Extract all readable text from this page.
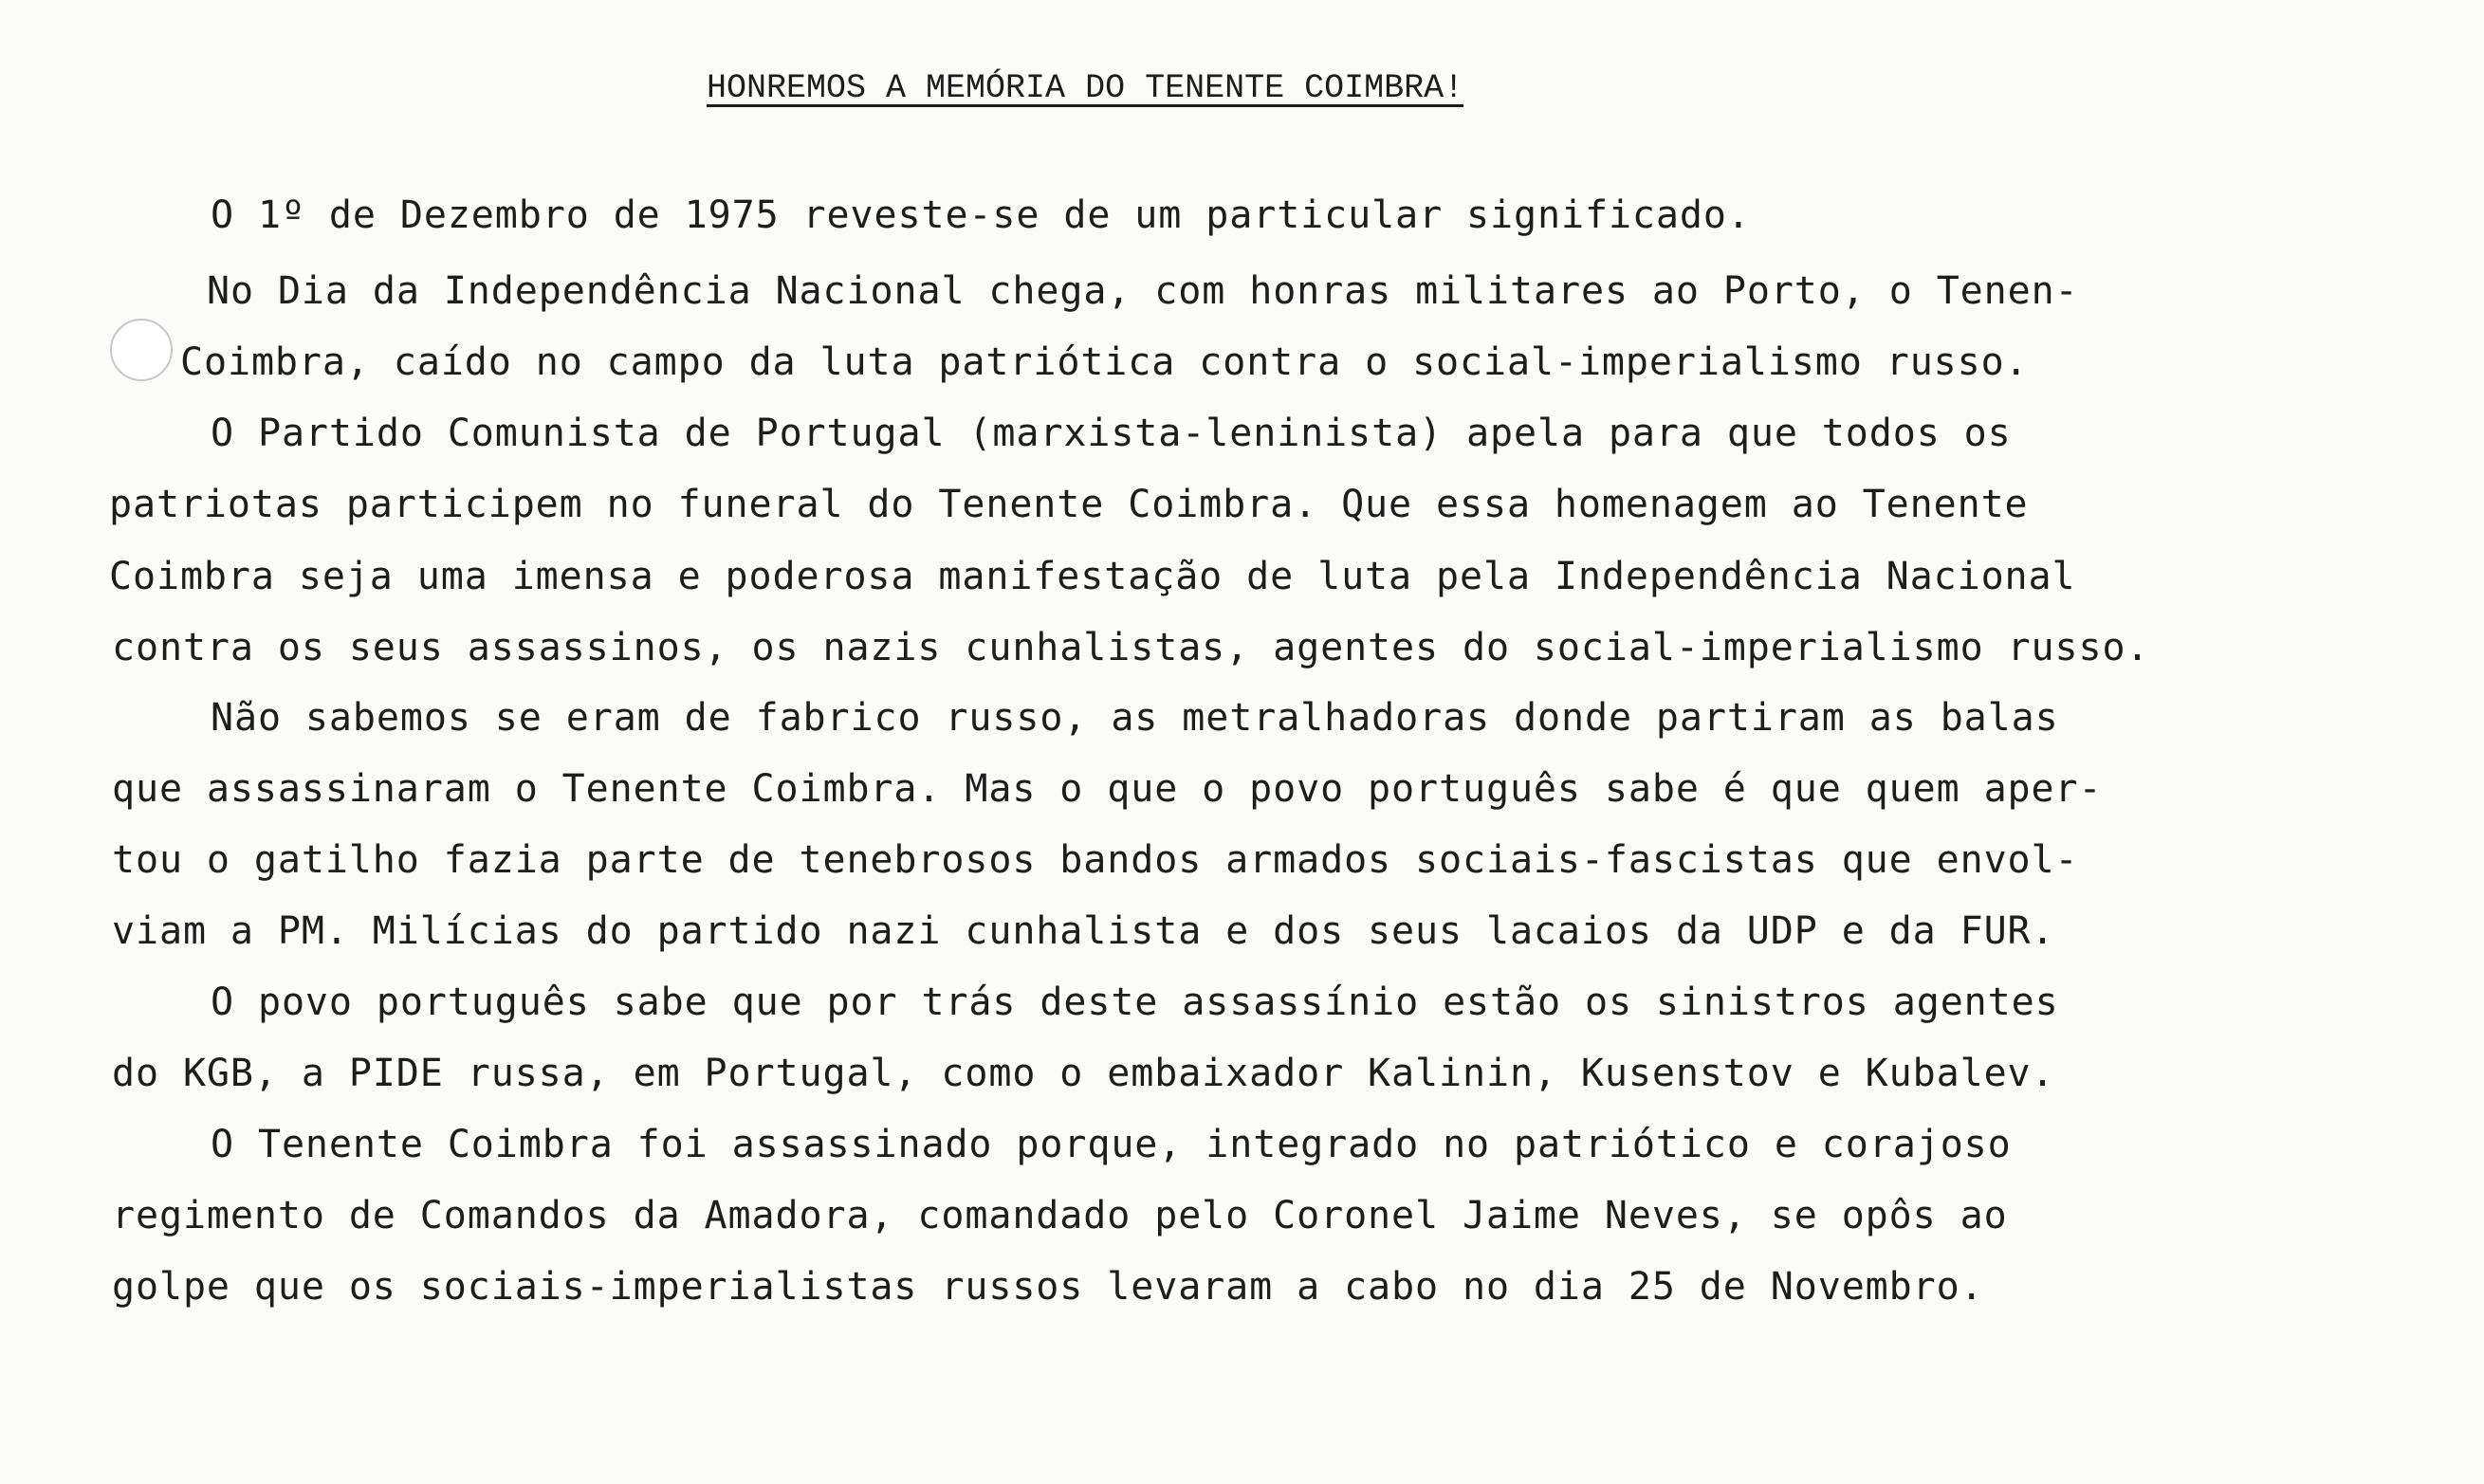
HONREMOS A MEMÓRIA DO TENENTE COIMBRA!
O 1º de Dezembro de 1975 reveste-se de um particular significado.
No Dia da Independência Nacional chega, com honras militares ao Porto, o Tenen-
Coimbra, caído no campo da luta patriótica contra o social-imperialismo russo.
O Partido Comunista de Portugal (marxista-leninista) apela para que todos os
patriotas participem no funeral do Tenente Coimbra. Que essa homenagem ao Tenente
Coimbra seja uma imensa e poderosa manifestação de luta pela Independência Nacional
contra os seus assassinos, os nazis cunhalistas, agentes do social-imperialismo russo.
Não sabemos se eram de fabrico russo, as metralhadoras donde partiram as balas
que assassinaram o Tenente Coimbra. Mas o que o povo português sabe é que quem aper-
tou o gatilho fazia parte de tenebrosos bandos armados sociais-fascistas que envol-
viam a PM. Milícias do partido nazi cunhalista e dos seus lacaios da UDP e da FUR.
O povo português sabe que por trás deste assassínio estão os sinistros agentes
do KGB, a PIDE russa, em Portugal, como o embaixador Kalinin, Kusenstov e Kubalev.
O Tenente Coimbra foi assassinado porque, integrado no patriótico e corajoso
regimento de Comandos da Amadora, comandado pelo Coronel Jaime Neves, se opôs ao
golpe que os sociais-imperialistas russos levaram a cabo no dia 25 de Novembro.
